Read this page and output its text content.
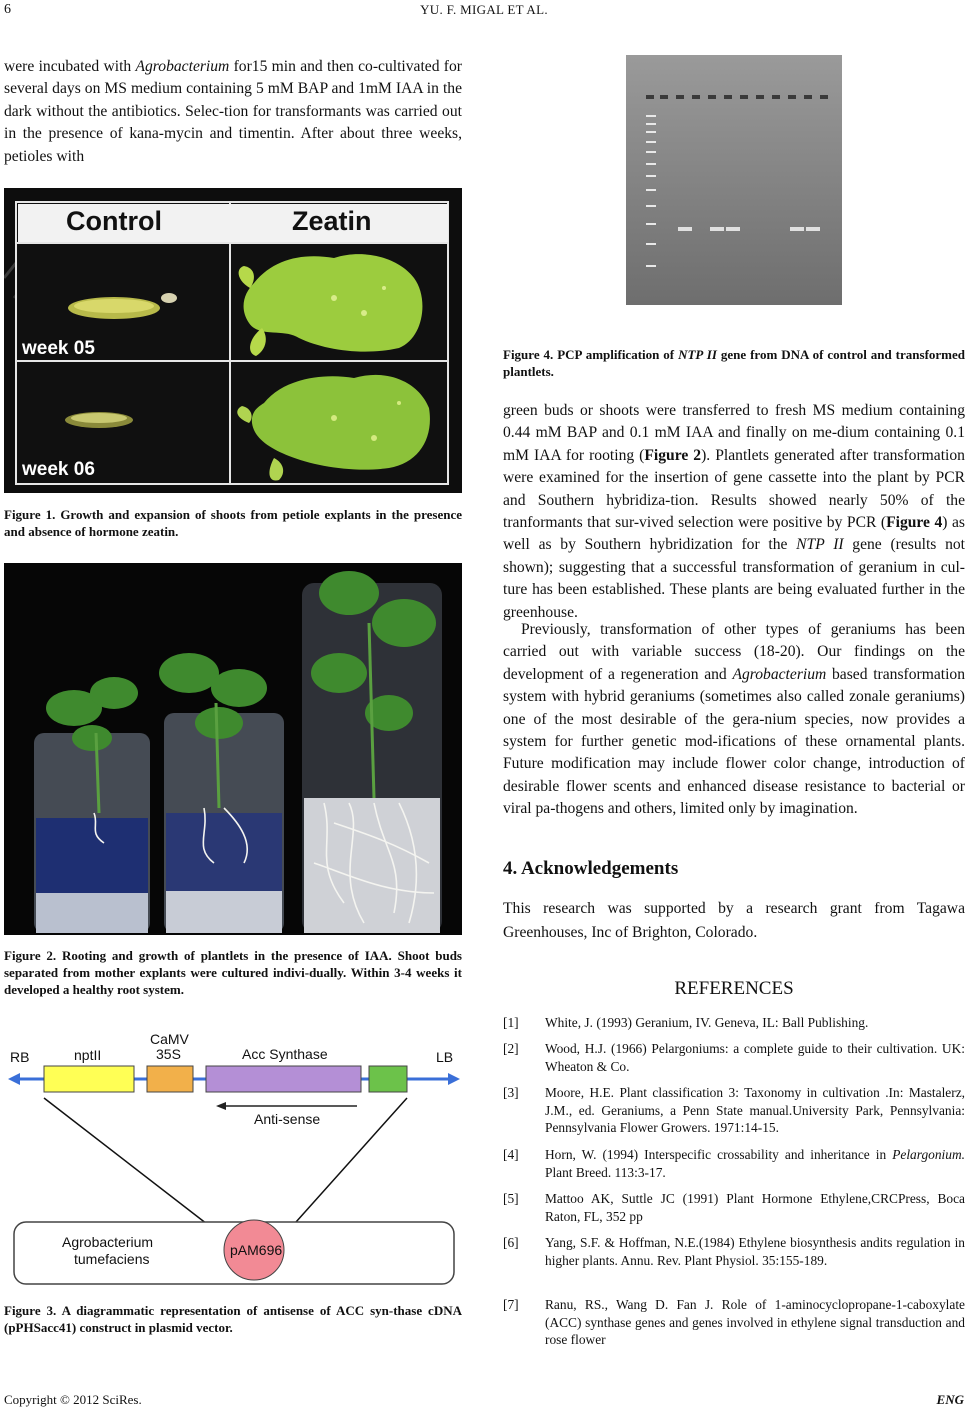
6	YU. F. MIGAL ET AL.

were incubated with Agrobacterium for15 min and then co-cultivated for several days on MS medium containing 5 mM BAP and 1mM IAA in the dark without the antibiotics. Selec-tion for transformants was carried out in the presence of kana-mycin and timentin. After about three weeks, petioles with

Control	Zeatin
week 05
week 06
Figure 1. Growth and expansion of shoots from petiole explants in the presence and absence of hormone zeatin.
Figure 2. Rooting and growth of plantlets in the presence of IAA. Shoot buds separated from mother explants were cultured indivi-dually. Within 3-4 weeks it developed a healthy root system.
RB	LB
nptII
CaMV
35S	Acc Synthase
Anti-sense
Agrobacterium
tumefaciens
pAM696
Figure 3. A diagrammatic representation of antisense of ACC syn-thase cDNA (pPHSacc41) construct in plasmid vector.
Figure 4. PCP amplification of NTP II gene from DNA of control and transformed plantlets.

green buds or shoots were transferred to fresh MS medium containing 0.44 mM BAP and 0.1 mM IAA and finally on me-dium containing 0.1 mM IAA for rooting (Figure 2). Plantlets generated after transformation were examined for the insertion of gene cassette into the plant by PCR and Southern hybridiza-tion. Results showed nearly 50% of the tranformants that sur-vived selection were positive by PCR (Figure 4) as well as by Southern hybridization for the NTP II gene (results not shown); suggesting that a successful transformation of geranium in cul-ture has been established. These plants are being evaluated further in the greenhouse.

Previously, transformation of other types of geraniums has been carried out with variable success (18-20). Our findings on the development of a regeneration and Agrobacterium based transformation system with hybrid geraniums (sometimes also called zonale geraniums) one of the most desirable of the gera-nium species, now provides a system for further genetic mod-ifications of these ornamental plants. Future modification may include flower color change, introduction of desirable flower scents and enhanced disease resistance to bacterial or viral pa-thogens and others, limited only by imagination.

4. Acknowledgements
This research was supported by a research grant from Tagawa Greenhouses, Inc of Brighton, Colorado.
REFERENCES
[1] White, J. (1993) Geranium, IV. Geneva, IL: Ball Publishing.
[2] Wood, H.J. (1966) Pelargoniums: a complete guide to their cultivation. UK: Wheaton & Co.
[3] Moore, H.E. Plant classification 3: Taxonomy in cultivation .In: Mastalerz, J.M., ed. Geraniums, a Penn State manual.University Park, Pennsylvania: Pennsylvania Flower Growers. 1971:14-15.
[4] Horn, W. (1994) Interspecific crossability and inheritance in Pelargonium. Plant Breed. 113:3-17.
[5] Mattoo AK, Suttle JC (1991) Plant Hormone Ethylene,CRCPress, Boca Raton, FL, 352 pp
[6] Yang, S.F. & Hoffman, N.E.(1984) Ethylene biosynthesis andits regulation in higher plants. Annu. Rev. Plant Physiol. 35:155-189.
[7] Ranu, RS., Wang D. Fan J. Role of 1-aminocyclopropane-1-caboxylate (ACC) synthase genes and genes involved in ethylene signal transduction and rose flower
Copyright © 2012 SciRes.	ENG
